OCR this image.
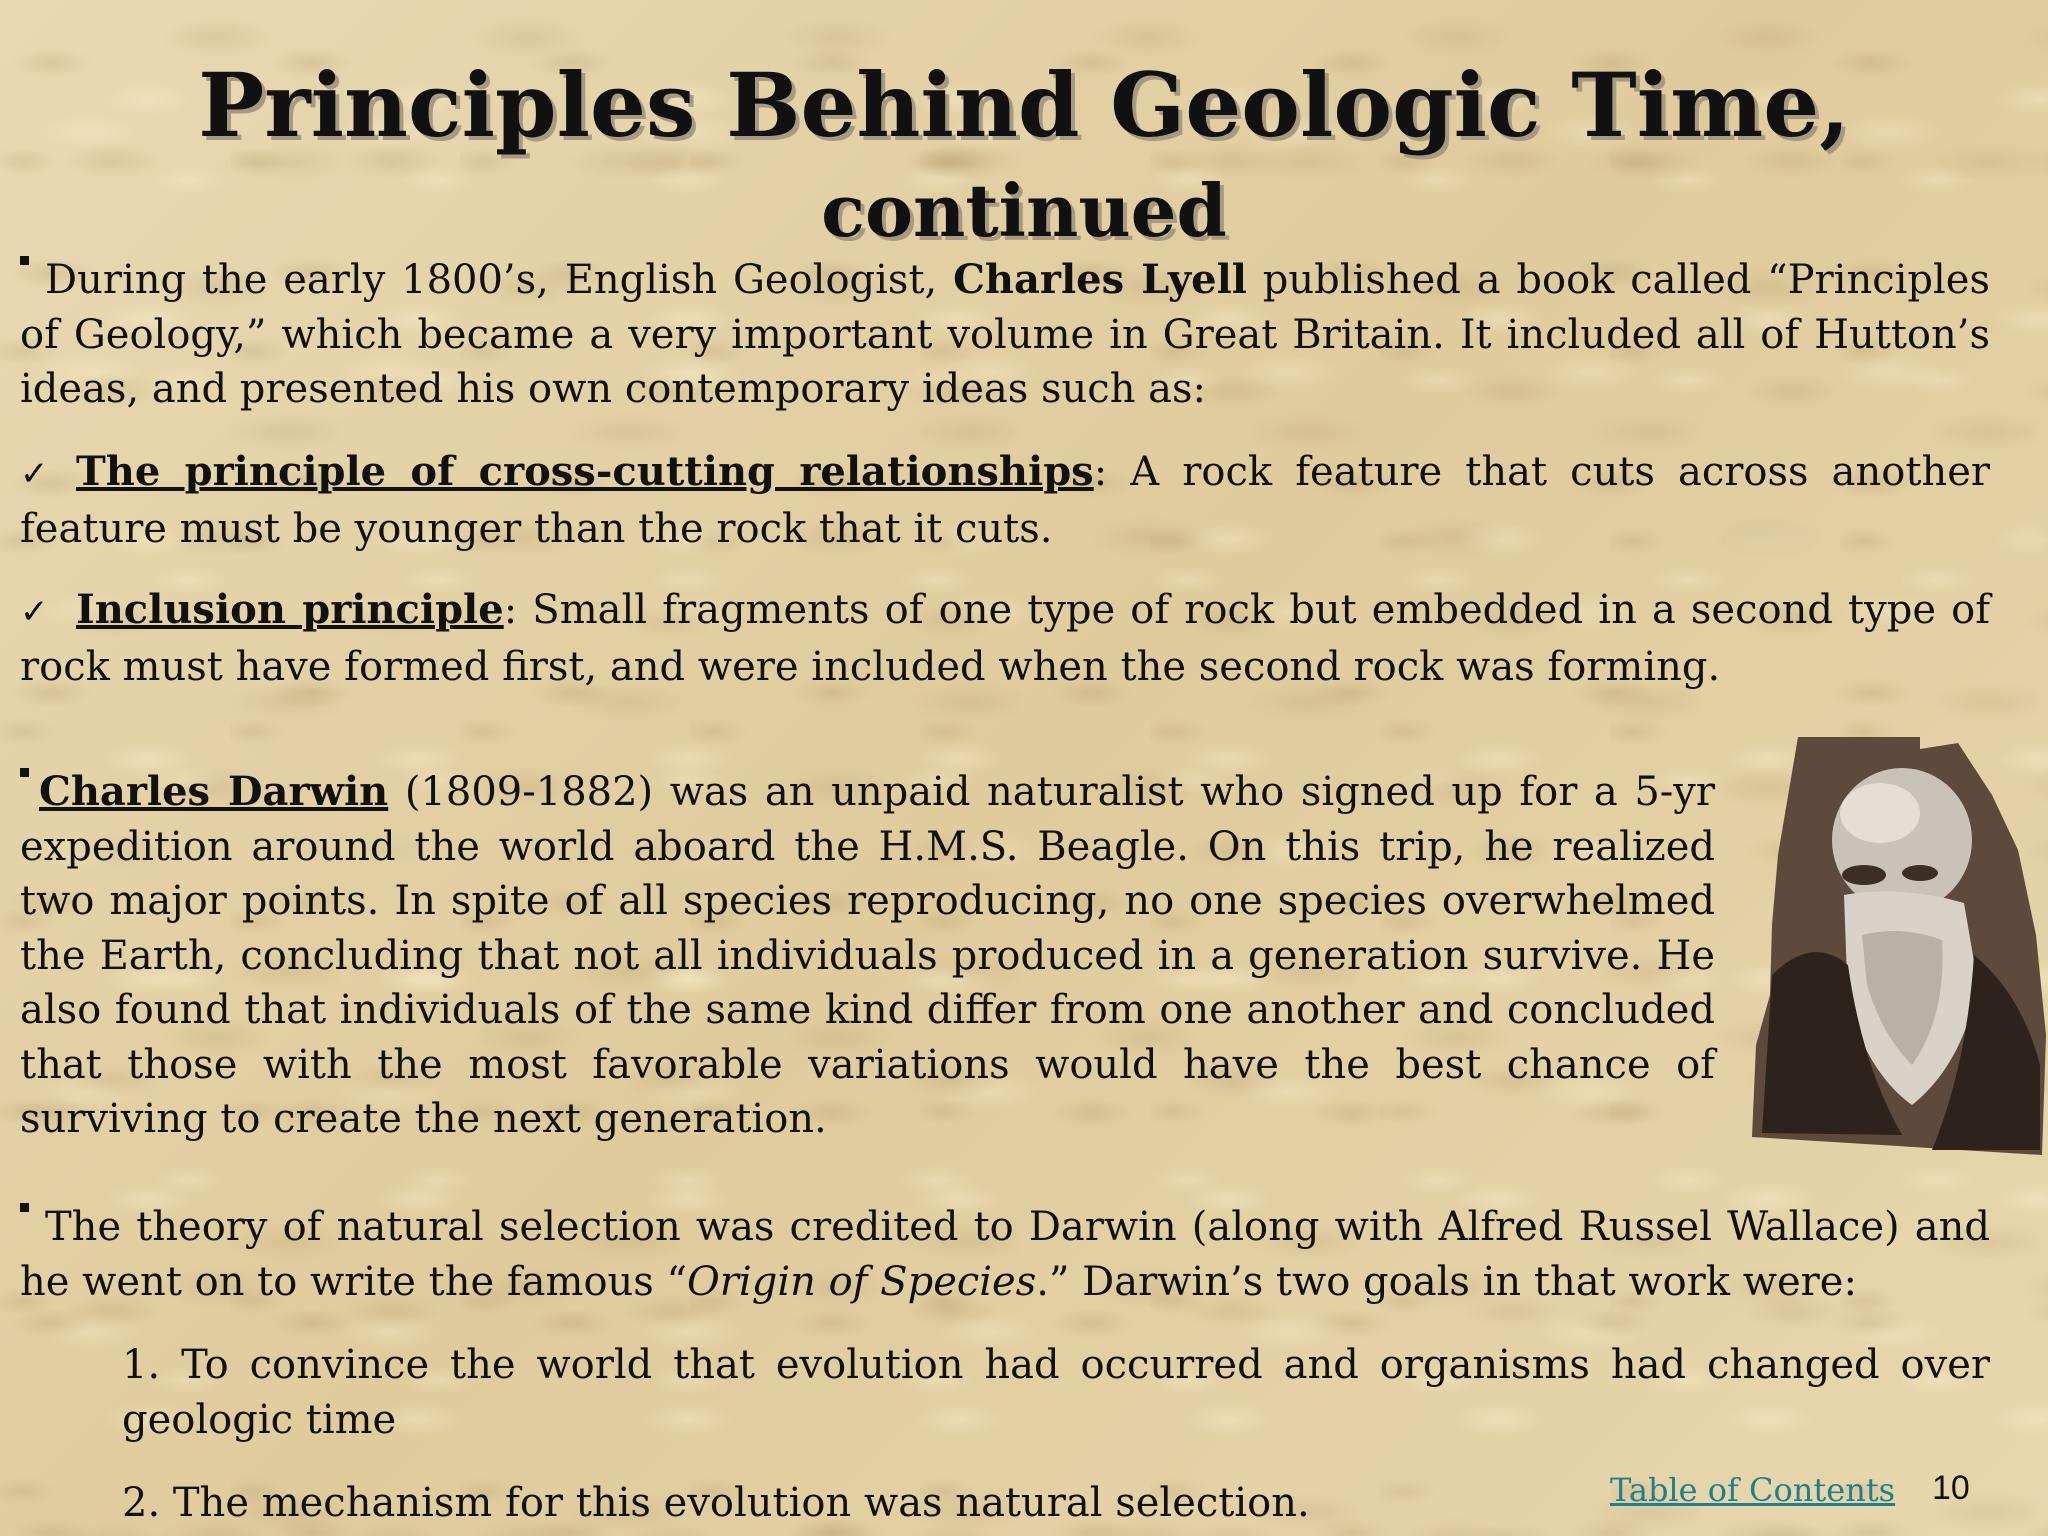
Principles Behind Geologic Time, continued
During the early 1800’s, English Geologist, Charles Lyell published a book called “Principles of Geology,” which became a very important volume in Great Britain. It included all of Hutton’s ideas, and presented his own contemporary ideas such as:
✓ The principle of cross-cutting relationships: A rock feature that cuts across another feature must be younger than the rock that it cuts.
✓ Inclusion principle: Small fragments of one type of rock but embedded in a second type of rock must have formed first, and were included when the second rock was forming.
Charles Darwin (1809-1882) was an unpaid naturalist who signed up for a 5-yr expedition around the world aboard the H.M.S. Beagle. On this trip, he realized two major points. In spite of all species reproducing, no one species overwhelmed the Earth, concluding that not all individuals produced in a generation survive. He also found that individuals of the same kind differ from one another and concluded that those with the most favorable variations would have the best chance of surviving to create the next generation.
The theory of natural selection was credited to Darwin (along with Alfred Russel Wallace) and he went on to write the famous “Origin of Species.” Darwin’s two goals in that work were:
1. To convince the world that evolution had occurred and organisms had changed over geologic time
2. The mechanism for this evolution was natural selection.	Table of Contents 10
